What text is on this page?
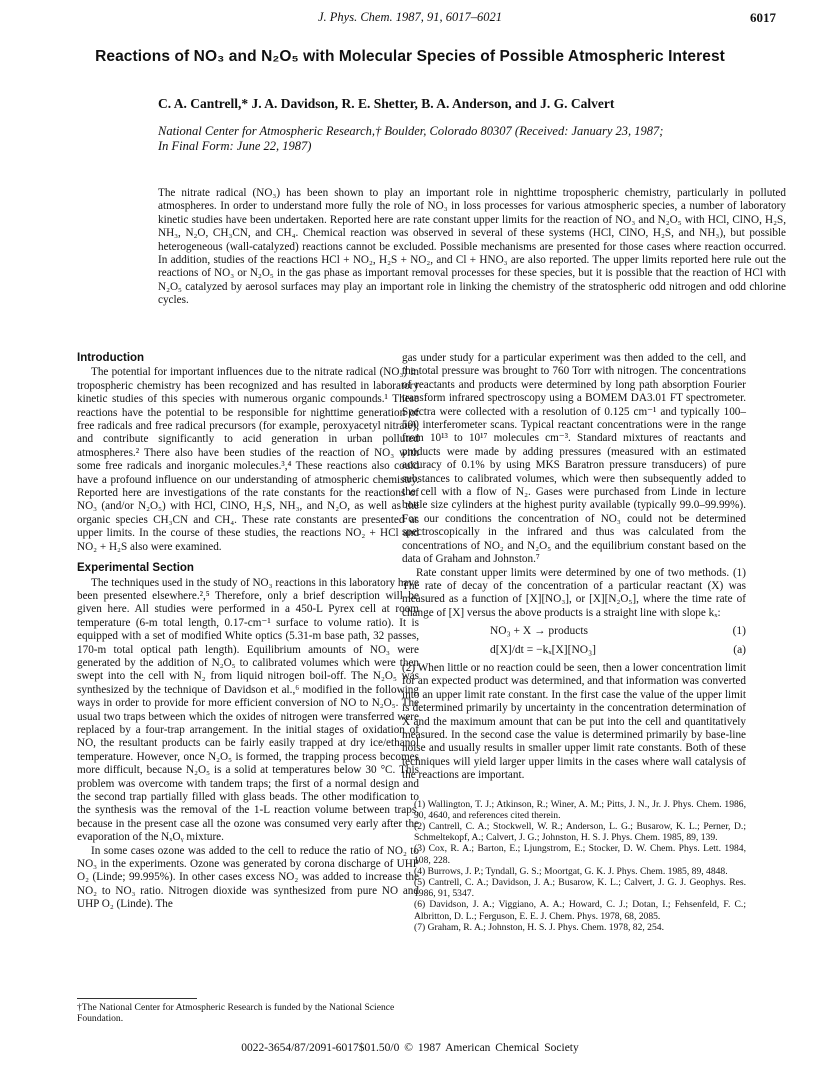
J. Phys. Chem. 1987, 91, 6017–6021	6017
Reactions of NO₃ and N₂O₅ with Molecular Species of Possible Atmospheric Interest
C. A. Cantrell,* J. A. Davidson, R. E. Shetter, B. A. Anderson, and J. G. Calvert
National Center for Atmospheric Research,† Boulder, Colorado 80307 (Received: January 23, 1987;
In Final Form: June 22, 1987)
The nitrate radical (NO₃) has been shown to play an important role in nighttime tropospheric chemistry, particularly in polluted atmospheres. In order to understand more fully the role of NO₃ in loss processes for various atmospheric species, a number of laboratory kinetic studies have been undertaken. Reported here are rate constant upper limits for the reaction of NO₃ and N₂O₅ with HCl, ClNO, H₂S, NH₃, N₂O, CH₃CN, and CH₄. Chemical reaction was observed in several of these systems (HCl, ClNO, H₂S, and NH₃), but possible heterogeneous (wall-catalyzed) reactions cannot be excluded. Possible mechanisms are presented for those cases where reaction occurred. In addition, studies of the reactions HCl + NO₂, H₂S + NO₂, and Cl + HNO₃ are also reported. The upper limits reported here rule out the reactions of NO₃ or N₂O₅ in the gas phase as important removal processes for these species, but it is possible that the reaction of HCl with N₂O₅ catalyzed by aerosol surfaces may play an important role in linking the chemistry of the stratospheric odd nitrogen and odd chlorine cycles.
Introduction

The potential for important influences due to the nitrate radical (NO₃) in tropospheric chemistry has been recognized and has resulted in laboratory kinetic studies of this species with numerous organic compounds.¹ These reactions have the potential to be responsible for nighttime generation of free radicals and free radical precursors (for example, peroxyacetyl nitrate), and contribute significantly to acid generation in urban polluted atmospheres.² There also have been studies of the reaction of NO₃ with some free radicals and inorganic molecules.³,⁴ These reactions also could have a profound influence on our understanding of atmospheric chemistry. Reported here are investigations of the rate constants for the reactions of NO₃ (and/or N₂O₅) with HCl, ClNO, H₂S, NH₃, and N₂O, as well as the organic species CH₃CN and CH₄. These rate constants are presented as upper limits. In the course of these studies, the reactions NO₂ + HCl and NO₂ + H₂S also were examined.

Experimental Section

The techniques used in the study of NO₃ reactions in this laboratory have been presented elsewhere.²,⁵ Therefore, only a brief description will be given here. All studies were performed in a 450-L Pyrex cell at room temperature (6-m total length, 0.17-cm⁻¹ surface to volume ratio). It is equipped with a set of modified White optics (5.31-m base path, 32 passes, 170-m total optical path length). Equilibrium amounts of NO₃ were generated by the addition of N₂O₅ to calibrated volumes which were then swept into the cell with N₂ from liquid nitrogen boil-off. The N₂O₅ was synthesized by the technique of Davidson et al.,⁶ modified in the following ways in order to provide for more efficient conversion of NO to N₂O₅. The usual two traps between which the oxides of nitrogen were transferred were replaced by a four-trap arrangement. In the initial stages of oxidation of NO, the resultant products can be fairly easily trapped at dry ice/ethanol temperature. However, once N₂O₅ is formed, the trapping process becomes more difficult, because N₂O₅ is a solid at temperatures below 30 °C. This problem was overcome with tandem traps; the first of a normal design and the second trap partially filled with glass beads. The other modification to the synthesis was the removal of the 1-L reaction volume between traps, because in the present case all the ozone was consumed very early after the evaporation of the NₓOᵧ mixture.

In some cases ozone was added to the cell to reduce the ratio of NO₂ to NO₃ in the experiments. Ozone was generated by corona discharge of UHP O₂ (Linde; 99.995%). In other cases excess NO₂ was added to increase the NO₂ to NO₃ ratio. Nitrogen dioxide was synthesized from pure NO and UHP O₂ (Linde). The

gas under study for a particular experiment was then added to the cell, and the total pressure was brought to 760 Torr with nitrogen. The concentrations of reactants and products were determined by long path absorption Fourier transform infrared spectroscopy using a BOMEM DA3.01 FT spectrometer. Spectra were collected with a resolution of 0.125 cm⁻¹ and typically 100–500 interferometer scans. Typical reactant concentrations were in the range from 10¹³ to 10¹⁷ molecules cm⁻³. Standard mixtures of reactants and products were made by adding pressures (measured with an estimated accuracy of 0.1% by using MKS Baratron pressure transducers) of pure substances to calibrated volumes, which were then subsequently added to the cell with a flow of N₂. Gases were purchased from Linde in lecture bottle size cylinders at the highest purity available (typically 99.0–99.99%). For our conditions the concentration of NO₃ could not be determined spectroscopically in the infrared and thus was calculated from the concentrations of NO₂ and N₂O₅ and the equilibrium constant based on the data of Graham and Johnston.⁷

Rate constant upper limits were determined by one of two methods. (1) The rate of decay of the concentration of a particular reactant (X) was measured as a function of [X][NO₃], or [X][N₂O₅], where the time rate of change of [X] versus the above products is a straight line with slope kₓ:

NO₃ + X → products	(1)
d[X]/dt = −kₓ[X][NO₃]	(a)

(2) When little or no reaction could be seen, then a lower concentration limit for an expected product was determined, and that information was converted into an upper limit rate constant. In the first case the value of the upper limit is determined primarily by uncertainty in the concentration determination of X and the maximum amount that can be put into the cell and quantitatively measured. In the second case the value is determined primarily by base-line noise and usually results in smaller upper limit rate constants. Both of these techniques will yield larger upper limits in the cases where wall catalysis of the reactions are important.

(1) Wallington, T. J.; Atkinson, R.; Winer, A. M.; Pitts, J. N., Jr. J. Phys. Chem. 1986, 90, 4640, and references cited therein.
(2) Cantrell, C. A.; Stockwell, W. R.; Anderson, L. G.; Busarow, K. L.; Perner, D.; Schmeltekopf, A.; Calvert, J. G.; Johnston, H. S. J. Phys. Chem. 1985, 89, 139.
(3) Cox, R. A.; Barton, E.; Ljungstrom, E.; Stocker, D. W. Chem. Phys. Lett. 1984, 108, 228.
(4) Burrows, J. P.; Tyndall, G. S.; Moortgat, G. K. J. Phys. Chem. 1985, 89, 4848.
(5) Cantrell, C. A.; Davidson, J. A.; Busarow, K. L.; Calvert, J. G. J. Geophys. Res. 1986, 91, 5347.
(6) Davidson, J. A.; Viggiano, A. A.; Howard, C. J.; Dotan, I.; Fehsenfeld, F. C.; Albritton, D. L.; Ferguson, E. E. J. Chem. Phys. 1978, 68, 2085.
(7) Graham, R. A.; Johnston, H. S. J. Phys. Chem. 1978, 82, 254.
†The National Center for Atmospheric Research is funded by the National Science Foundation.
0022-3654/87/2091-6017$01.50/0 © 1987 American Chemical Society
